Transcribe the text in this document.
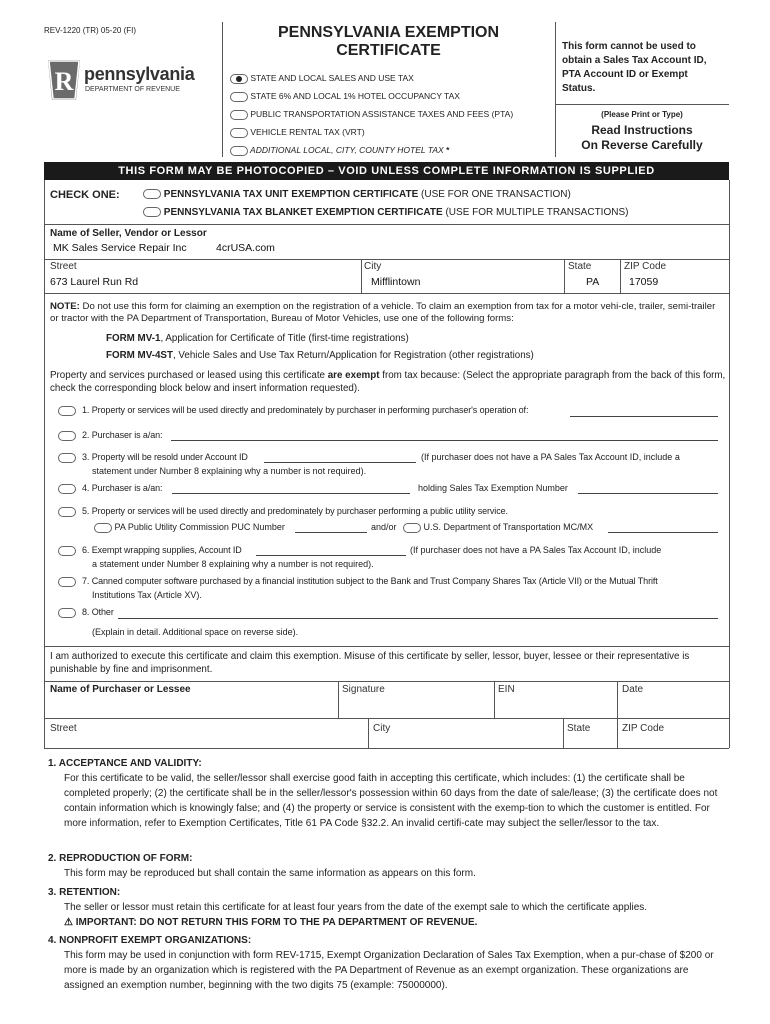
REV-1220 (TR) 05-20 (FI)
R pennsylvania
DEPARTMENT OF REVENUE
PENNSYLVANIA EXEMPTION
CERTIFICATE
STATE AND LOCAL SALES AND USE TAX
STATE 6% AND LOCAL 1% HOTEL OCCUPANCY TAX
PUBLIC TRANSPORTATION ASSISTANCE TAXES AND FEES (PTA)
VEHICLE RENTAL TAX (VRT)
ADDITIONAL LOCAL, CITY, COUNTY HOTEL TAX *
This form cannot be used to obtain a Sales Tax Account ID, PTA Account ID or Exempt Status.
(Please Print or Type)
Read Instructions
On Reverse Carefully
THIS FORM MAY BE PHOTOCOPIED – VOID UNLESS COMPLETE INFORMATION IS SUPPLIED
CHECK ONE:	PENNSYLVANIA TAX UNIT EXEMPTION CERTIFICATE (USE FOR ONE TRANSACTION)
PENNSYLVANIA TAX BLANKET EXEMPTION CERTIFICATE (USE FOR MULTIPLE TRANSACTIONS)
Name of Seller, Vendor or Lessor
MK Sales Service Repair Inc	4crUSA.com
Street
673 Laurel Run Rd
City
Mifflintown
State
PA
ZIP Code
17059
NOTE: Do not use this form for claiming an exemption on the registration of a vehicle. To claim an exemption from tax for a motor vehi-cle, trailer, semi-trailer or tractor with the PA Department of Transportation, Bureau of Motor Vehicles, use one of the following forms:
FORM MV-1, Application for Certificate of Title (first-time registrations)
FORM MV-4ST, Vehicle Sales and Use Tax Return/Application for Registration (other registrations)
Property and services purchased or leased using this certificate are exempt from tax because: (Select the appropriate paragraph from the back of this form, check the corresponding block below and insert information requested).
1. Property or services will be used directly and predominately by purchaser in performing purchaser's operation of:
2. Purchaser is a/an:
3. Property will be resold under Account ID	(If purchaser does not have a PA Sales Tax Account ID, include a
statement under Number 8 explaining why a number is not required).
4. Purchaser is a/an:	holding Sales Tax Exemption Number
5. Property or services will be used directly and predominately by purchaser performing a public utility service.
PA Public Utility Commission PUC Number	and/or	U.S. Department of Transportation MC/MX
6. Exempt wrapping supplies, Account ID	(If purchaser does not have a PA Sales Tax Account ID, include
a statement under Number 8 explaining why a number is not required).
7. Canned computer software purchased by a financial institution subject to the Bank and Trust Company Shares Tax (Article VII) or the Mutual Thrift
Institutions Tax (Article XV).
8. Other
(Explain in detail. Additional space on reverse side).
I am authorized to execute this certificate and claim this exemption. Misuse of this certificate by seller, lessor, buyer, lessee or their representative is punishable by fine and imprisonment.
Name of Purchaser or Lessee	Signature	EIN	Date
Street	City	State	ZIP Code
1. ACCEPTANCE AND VALIDITY:

For this certificate to be valid, the seller/lessor shall exercise good faith in accepting this certificate, which includes: (1) the certificate shall be completed properly; (2) the certificate shall be in the seller/lessor's possession within 60 days from the date of sale/lease; (3) the certificate does not contain information which is knowingly false; and (4) the property or service is consistent with the exemp-tion to which the customer is entitled. For more information, refer to Exemption Certificates, Title 61 PA Code §32.2. An invalid certifi-cate may subject the seller/lessor to the tax.

2. REPRODUCTION OF FORM:

This form may be reproduced but shall contain the same information as appears on this form.

3. RETENTION:

The seller or lessor must retain this certificate for at least four years from the date of the exempt sale to which the certificate applies.

⚠ IMPORTANT: DO NOT RETURN THIS FORM TO THE PA DEPARTMENT OF REVENUE.
4. NONPROFIT EXEMPT ORGANIZATIONS:

This form may be used in conjunction with form REV-1715, Exempt Organization Declaration of Sales Tax Exemption, when a pur-chase of $200 or more is made by an organization which is registered with the PA Department of Revenue as an exempt organization. These organizations are assigned an exemption number, beginning with the two digits 75 (example: 75000000).
